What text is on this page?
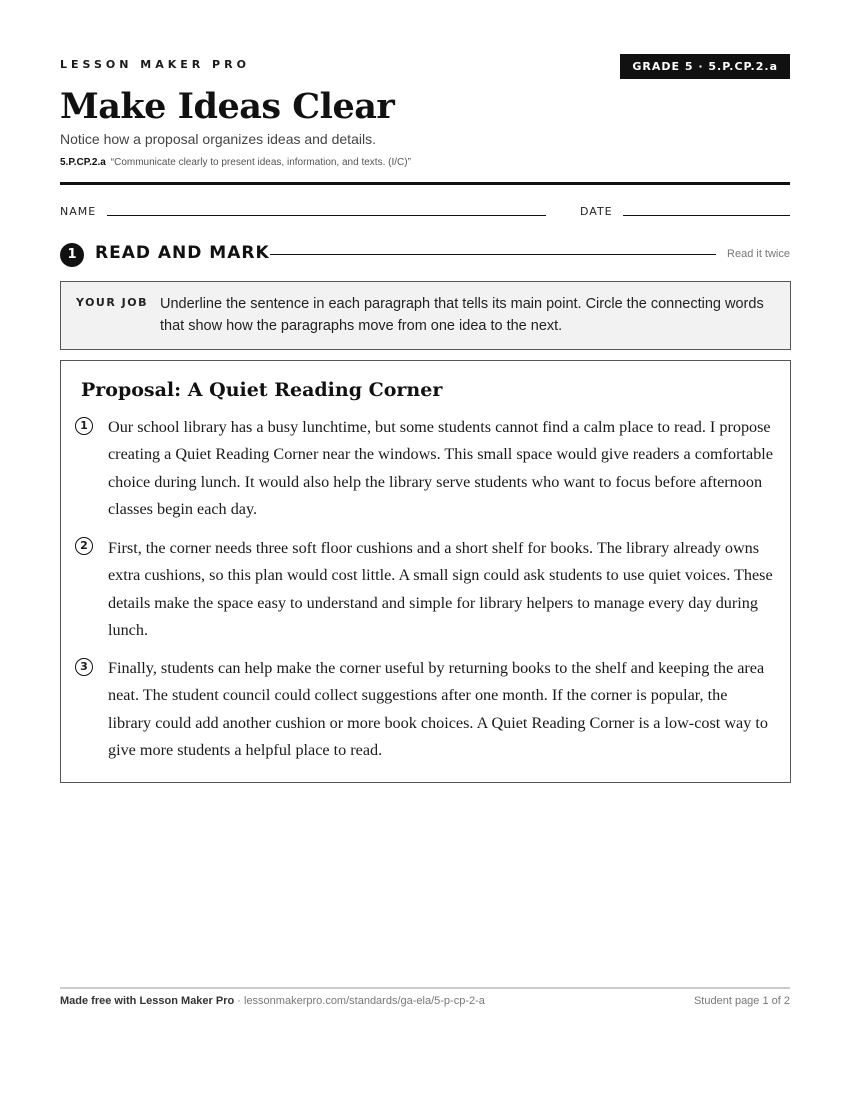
LESSON MAKER PRO	GRADE 5 · 5.P.CP.2.a
Make Ideas Clear
Notice how a proposal organizes ideas and details.
5.P.CP.2.a “Communicate clearly to present ideas, information, and texts. (I/C)”
NAME	DATE
1	READ AND MARK	Read it twice
YOUR JOB Underline the sentence in each paragraph that tells its main point. Circle the connecting words that show how the paragraphs move from one idea to the next.
Proposal: A Quiet Reading Corner
1	Our school library has a busy lunchtime, but some students cannot find a calm place to read. I propose creating a Quiet Reading Corner near the windows. This small space would give readers a comfortable choice during lunch. It would also help the library serve students who want to focus before afternoon classes begin each day.

2	First, the corner needs three soft floor cushions and a short shelf for books. The library already owns extra cushions, so this plan would cost little. A small sign could ask students to use quiet voices. These details make the space easy to understand and simple for library helpers to manage every day during lunch.

3	Finally, students can help make the corner useful by returning books to the shelf and keeping the area neat. The student council could collect suggestions after one month. If the corner is popular, the library could add another cushion or more book choices. A Quiet Reading Corner is a low-cost way to give more students a helpful place to read.

Made free with Lesson Maker Pro · lessonmakerpro.com/standards/ga-ela/5-p-cp-2-a	Student page 1 of 2
